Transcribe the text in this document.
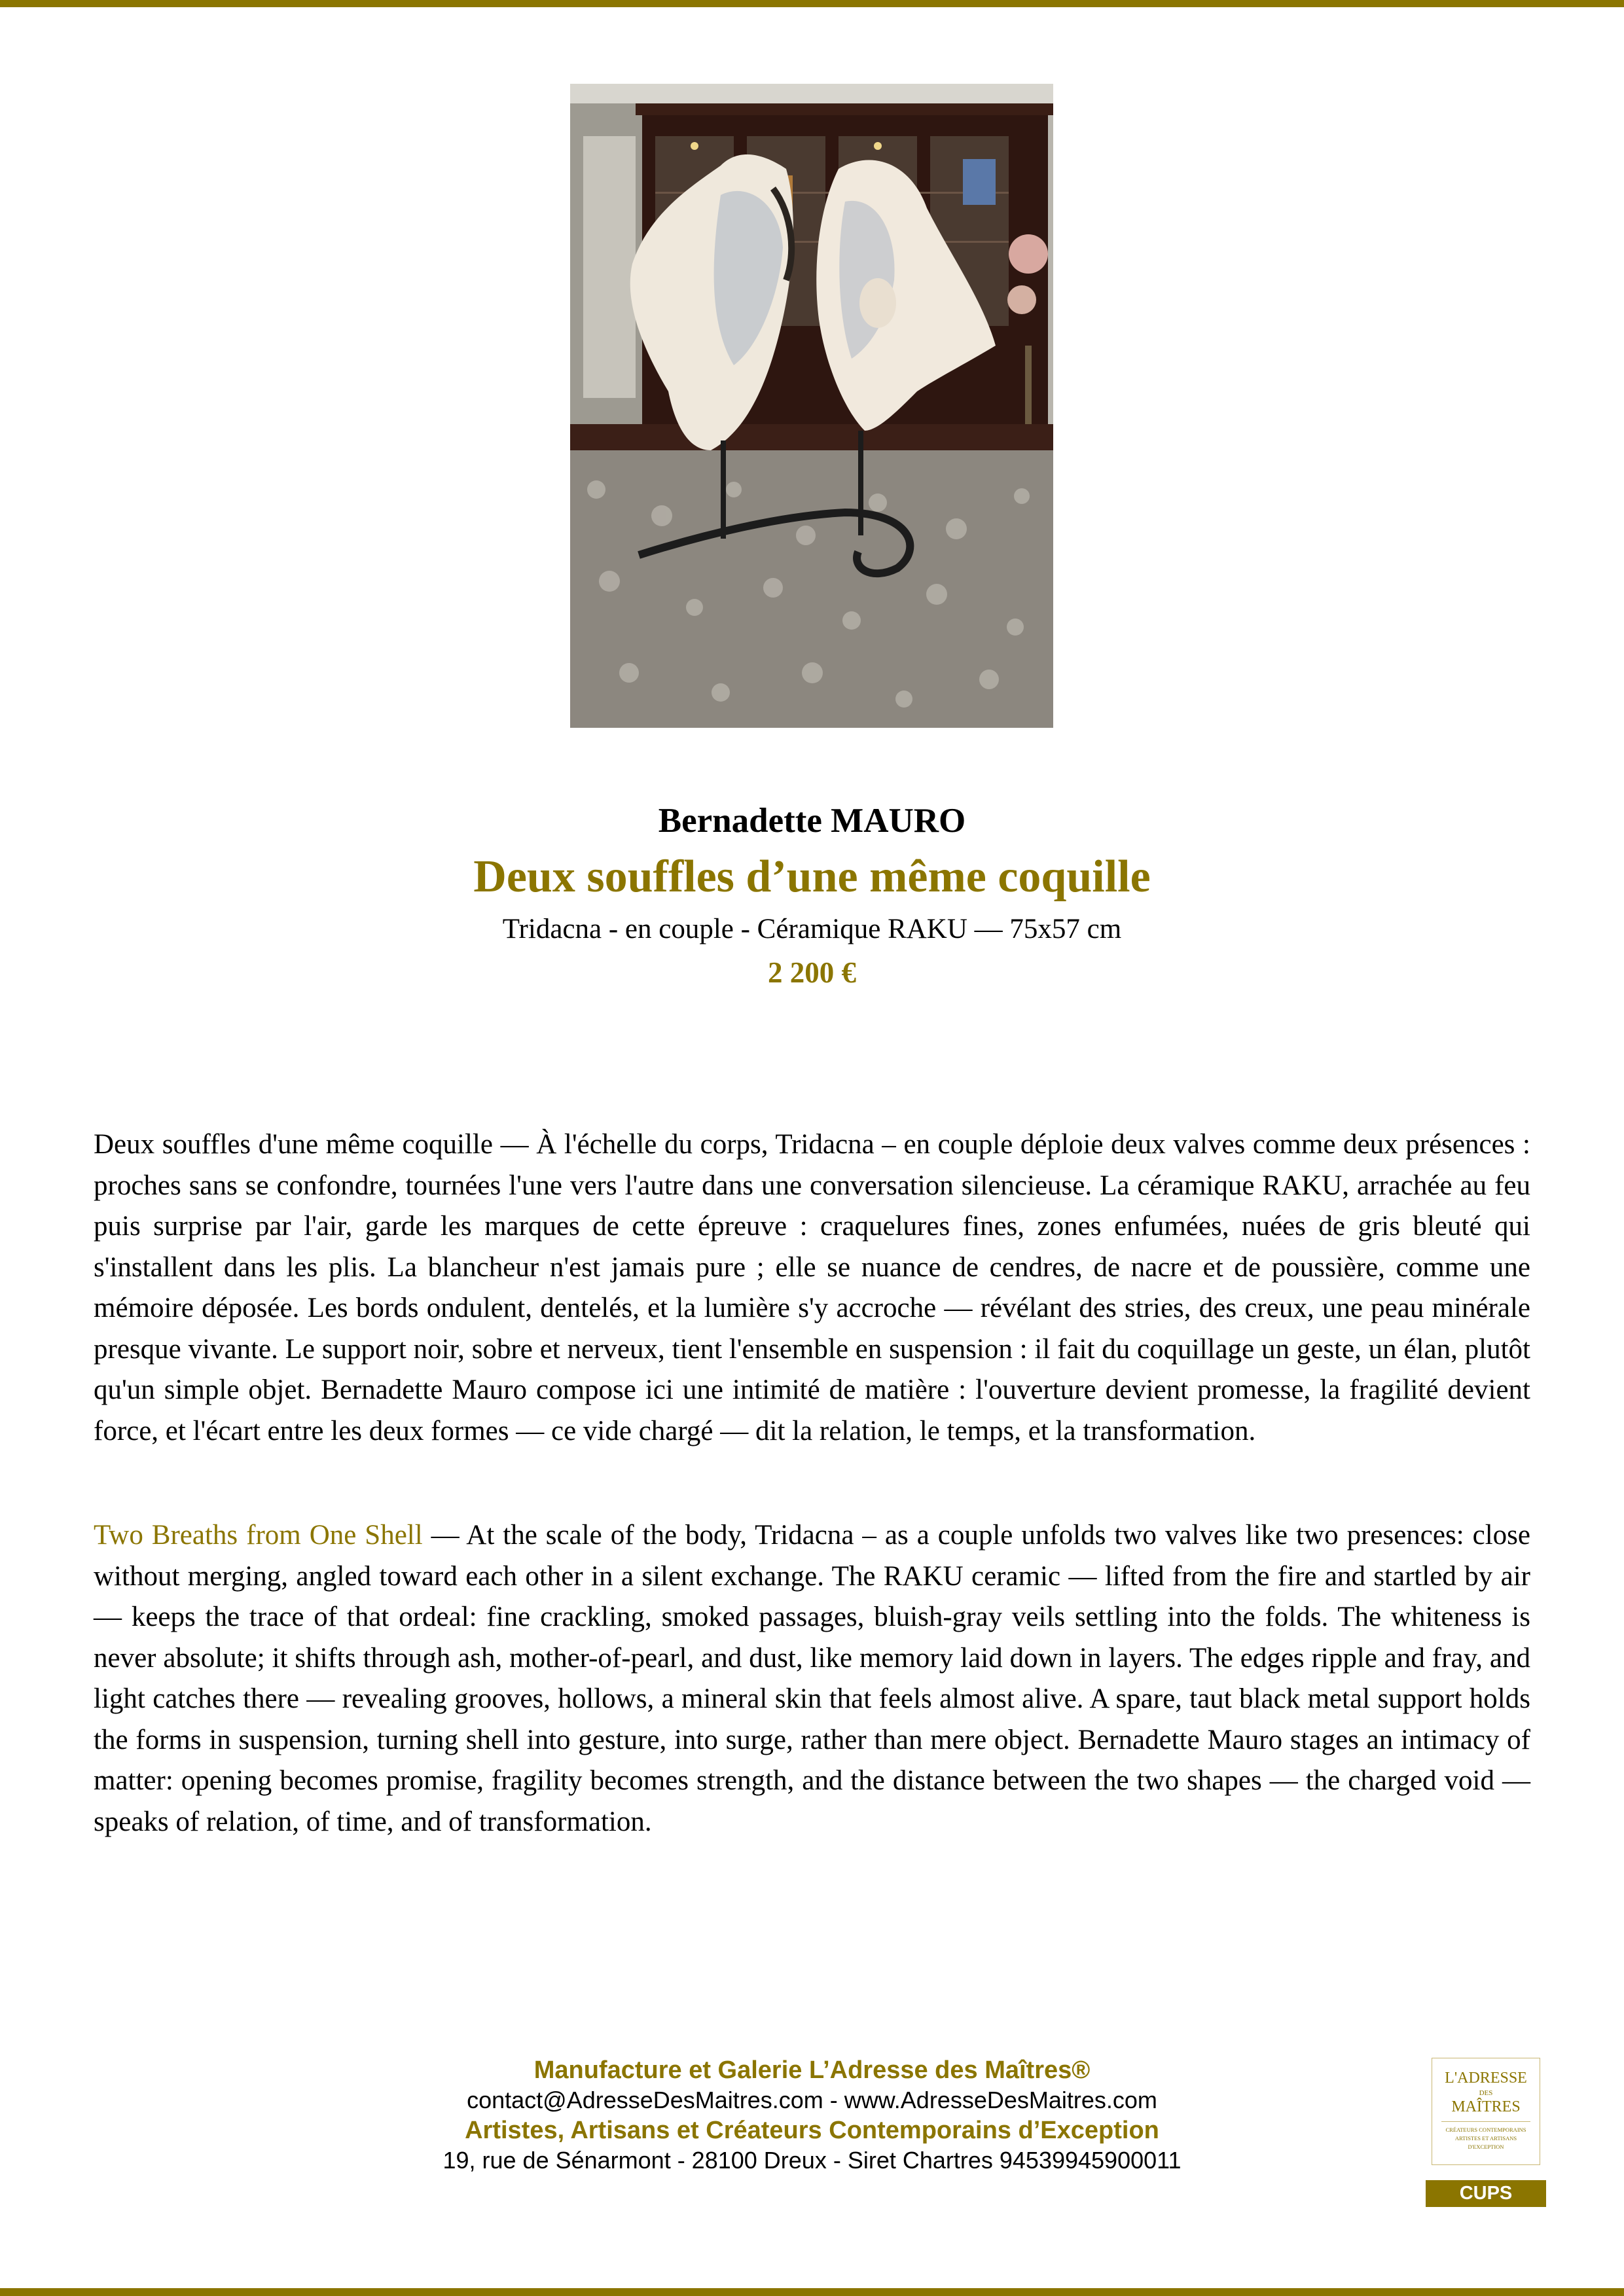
Bernadette MAURO
Deux souffles d’une même coquille
Tridacna - en couple - Céramique RAKU — 75x57 cm
2 200 €

Deux souffles d'une même coquille — À l'échelle du corps, Tridacna – en couple déploie deux valves comme deux présences : proches sans se confondre, tournées l'une vers l'autre dans une conversation silencieuse. La céramique RAKU, arrachée au feu puis surprise par l'air, garde les marques de cette épreuve : craquelures fines, zones enfumées, nuées de gris bleuté qui s'installent dans les plis. La blancheur n'est jamais pure ; elle se nuance de cendres, de nacre et de poussière, comme une mémoire déposée. Les bords ondulent, dentelés, et la lumière s'y accroche — révélant des stries, des creux, une peau minérale presque vivante. Le support noir, sobre et nerveux, tient l'ensemble en suspension : il fait du coquillage un geste, un élan, plutôt qu'un simple objet. Bernadette Mauro compose ici une intimité de matière : l'ouverture devient promesse, la fragilité devient force, et l'écart entre les deux formes — ce vide chargé — dit la relation, le temps, et la transformation.

Two Breaths from One Shell — At the scale of the body, Tridacna – as a couple unfolds two valves like two presences: close without merging, angled toward each other in a silent exchange. The RAKU ceramic — lifted from the fire and startled by air — keeps the trace of that ordeal: fine crackling, smoked passages, bluish-gray veils settling into the folds. The whiteness is never absolute; it shifts through ash, mother-of-pearl, and dust, like memory laid down in layers. The edges ripple and fray, and light catches there — revealing grooves, hollows, a mineral skin that feels almost alive. A spare, taut black metal support holds the forms in suspension, turning shell into gesture, into surge, rather than mere object. Bernadette Mauro stages an intimacy of matter: opening becomes promise, fragility becomes strength, and the distance between the two shapes — the charged void — speaks of relation, of time, and of transformation.

Manufacture et Galerie L’Adresse des Maîtres®
contact@AdresseDesMaitres.com - www.AdresseDesMaitres.com
Artistes, Artisans et Créateurs Contemporains d’Exception
19, rue de Sénarmont - 28100 Dreux - Siret Chartres 94539945900011
L'ADRESSE
DES
MAÎTRES
CRÉATEURS CONTEMPORAINS
ARTISTES ET ARTISANS
D'EXCEPTION
CUPS
